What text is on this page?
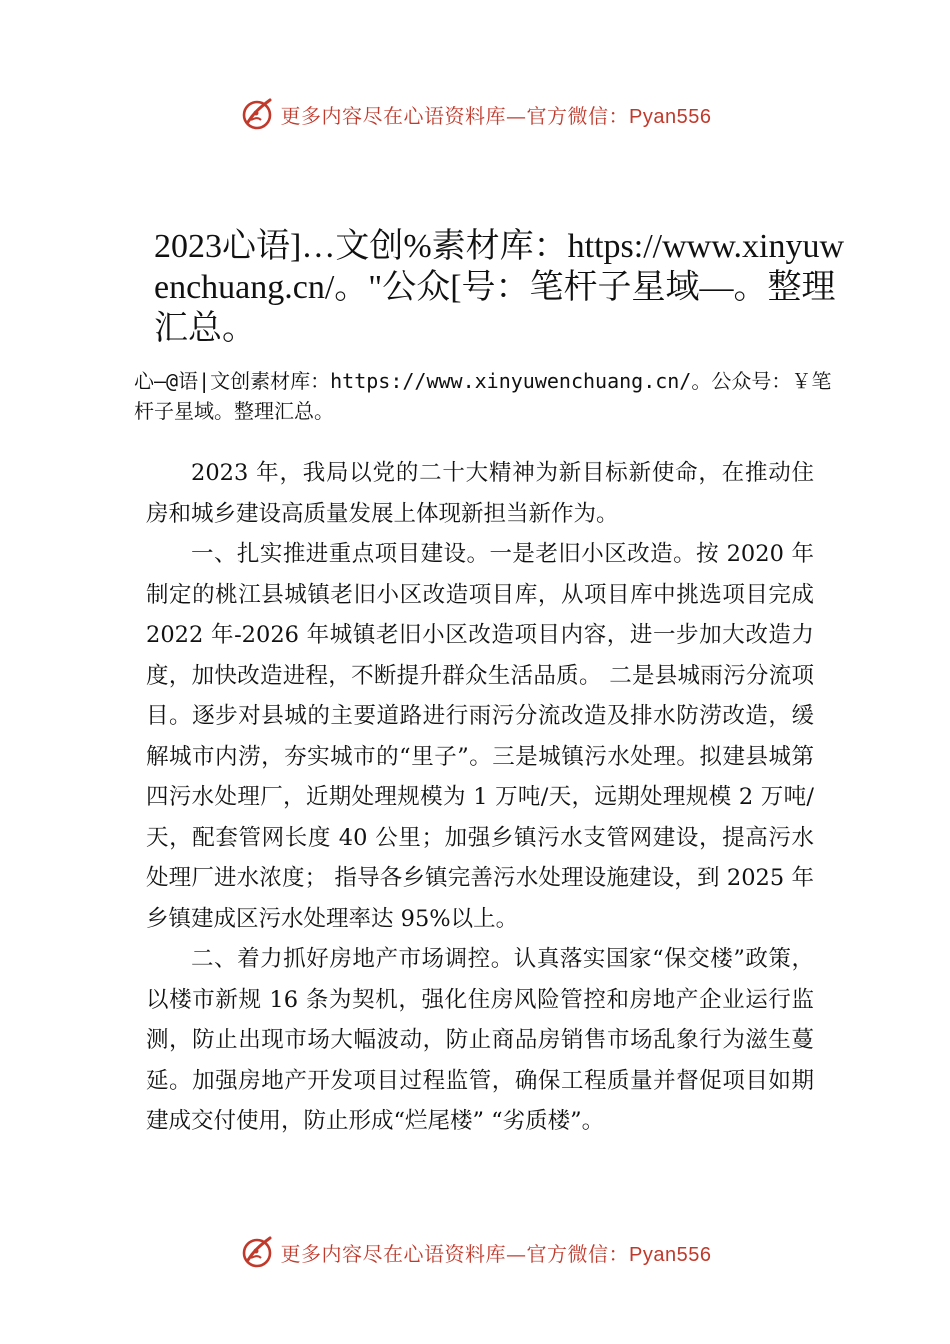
更多内容尽在心语资料库—官方微信：Pyan556
2023心语]…文创%素材库：https://www.xinyuwenchuang.cn/。"公众[号：笔杆子星域—。整理汇总。

心—@语|文创素材库：https://www.xinyuwenchuang.cn/。公众号：￥笔杆子星域。整理汇总。

2023 年，我局以党的二十大精神为新目标新使命，在推动住房和城乡建设高质量发展上体现新担当新作为。

一、扎实推进重点项目建设。一是老旧小区改造。按 2020 年制定的桃江县城镇老旧小区改造项目库，从项目库中挑选项目完成 2022 年-2026 年城镇老旧小区改造项目内容，进一步加大改造力度，加快改造进程，不断提升群众生活品质。 二是县城雨污分流项目。逐步对县城的主要道路进行雨污分流改造及排水防涝改造，缓解城市内涝，夯实城市的“里子”。三是城镇污水处理。拟建县城第四污水处理厂，近期处理规模为 1 万吨/天，远期处理规模 2 万吨/天，配套管网长度 40 公里；加强乡镇污水支管网建设，提高污水处理厂进水浓度； 指导各乡镇完善污水处理设施建设，到 2025 年乡镇建成区污水处理率达 95%以上。

二、着力抓好房地产市场调控。认真落实国家“保交楼”政策，以楼市新规 16 条为契机，强化住房风险管控和房地产企业运行监测，防止出现市场大幅波动，防止商品房销售市场乱象行为滋生蔓延。加强房地产开发项目过程监管，确保工程质量并督促项目如期建成交付使用，防止形成“烂尾楼” “劣质楼”。

更多内容尽在心语资料库—官方微信：Pyan556
